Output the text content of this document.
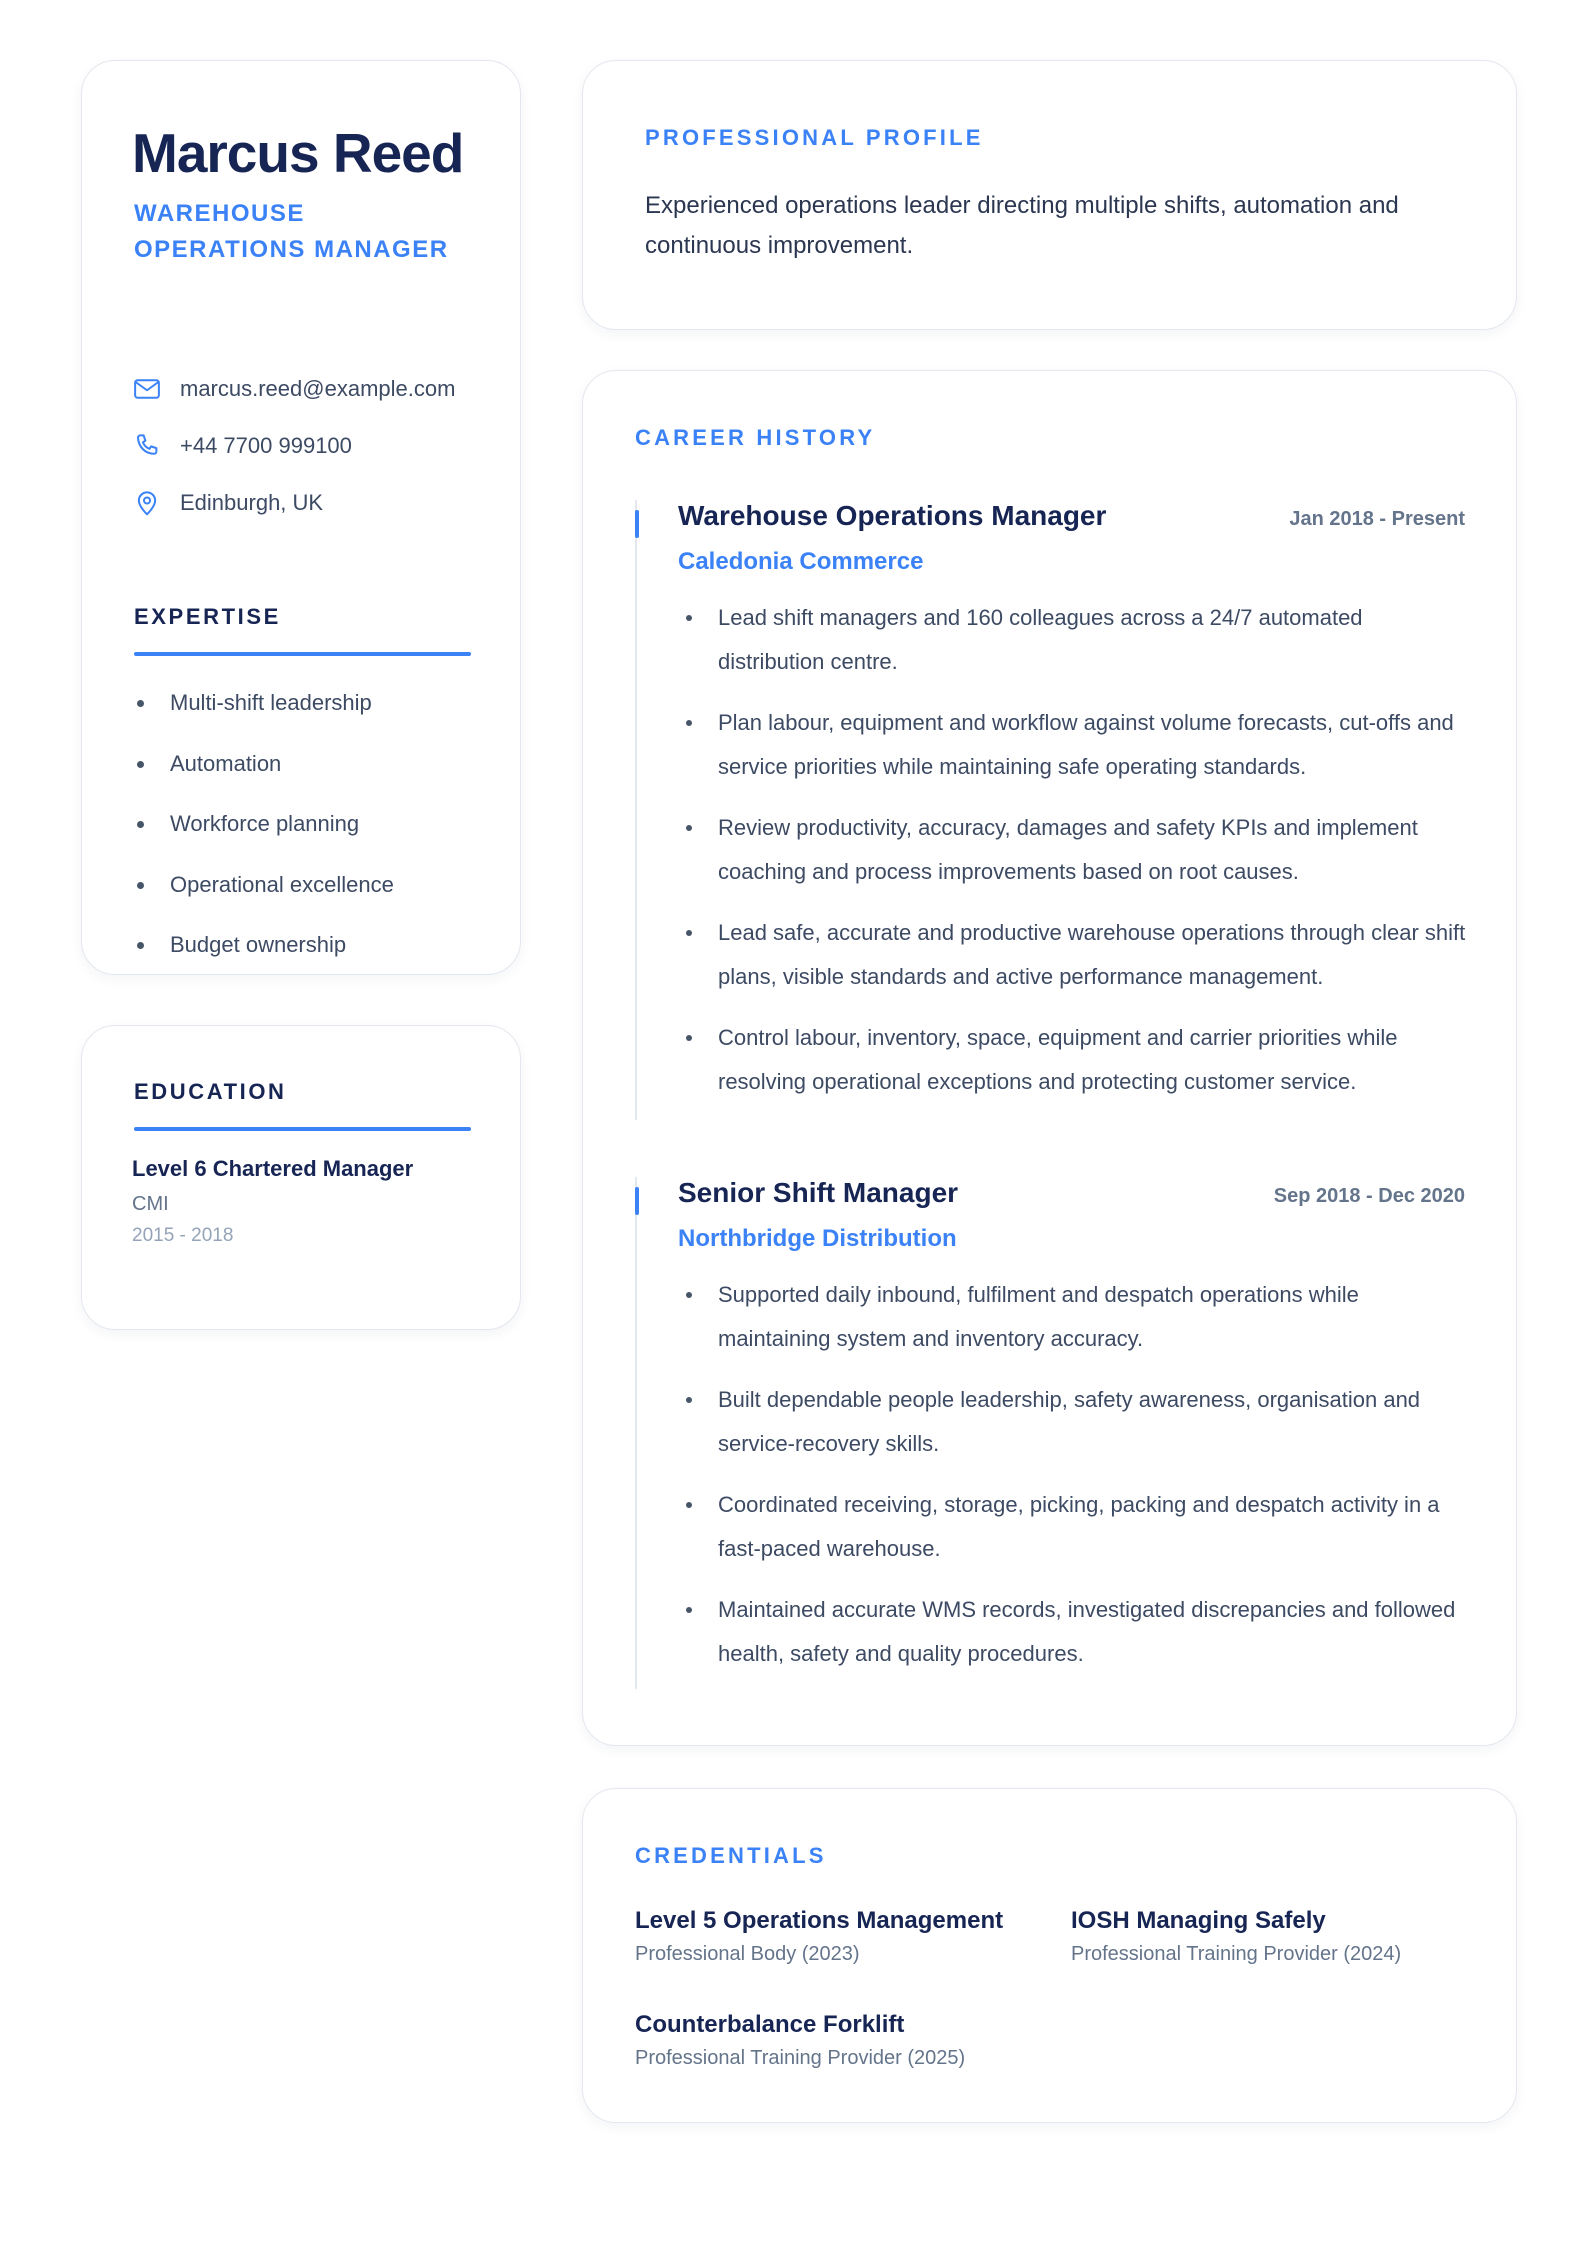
Marcus Reed
WAREHOUSE
OPERATIONS MANAGER
marcus.reed@example.com
+44 7700 999100
Edinburgh, UK
EXPERTISE
Multi-shift leadership
Automation
Workforce planning
Operational excellence
Budget ownership
EDUCATION
Level 6 Chartered Manager
CMI
2015 - 2018
PROFESSIONAL PROFILE
Experienced operations leader directing multiple shifts, automation and continuous improvement.
CAREER HISTORY
Warehouse Operations Manager	Jan 2018 - Present
Caledonia Commerce
Lead shift managers and 160 colleagues across a 24/7 automated distribution centre.
Plan labour, equipment and workflow against volume forecasts, cut-offs and service priorities while maintaining safe operating standards.
Review productivity, accuracy, damages and safety KPIs and implement coaching and process improvements based on root causes.
Lead safe, accurate and productive warehouse operations through clear shift plans, visible standards and active performance management.
Control labour, inventory, space, equipment and carrier priorities while resolving operational exceptions and protecting customer service.
Senior Shift Manager	Sep 2018 - Dec 2020
Northbridge Distribution
Supported daily inbound, fulfilment and despatch operations while maintaining system and inventory accuracy.
Built dependable people leadership, safety awareness, organisation and service-recovery skills.
Coordinated receiving, storage, picking, packing and despatch activity in a fast-paced warehouse.
Maintained accurate WMS records, investigated discrepancies and followed health, safety and quality procedures.
CREDENTIALS
Level 5 Operations Management
Professional Body (2023)
IOSH Managing Safely
Professional Training Provider (2024)
Counterbalance Forklift
Professional Training Provider (2025)
